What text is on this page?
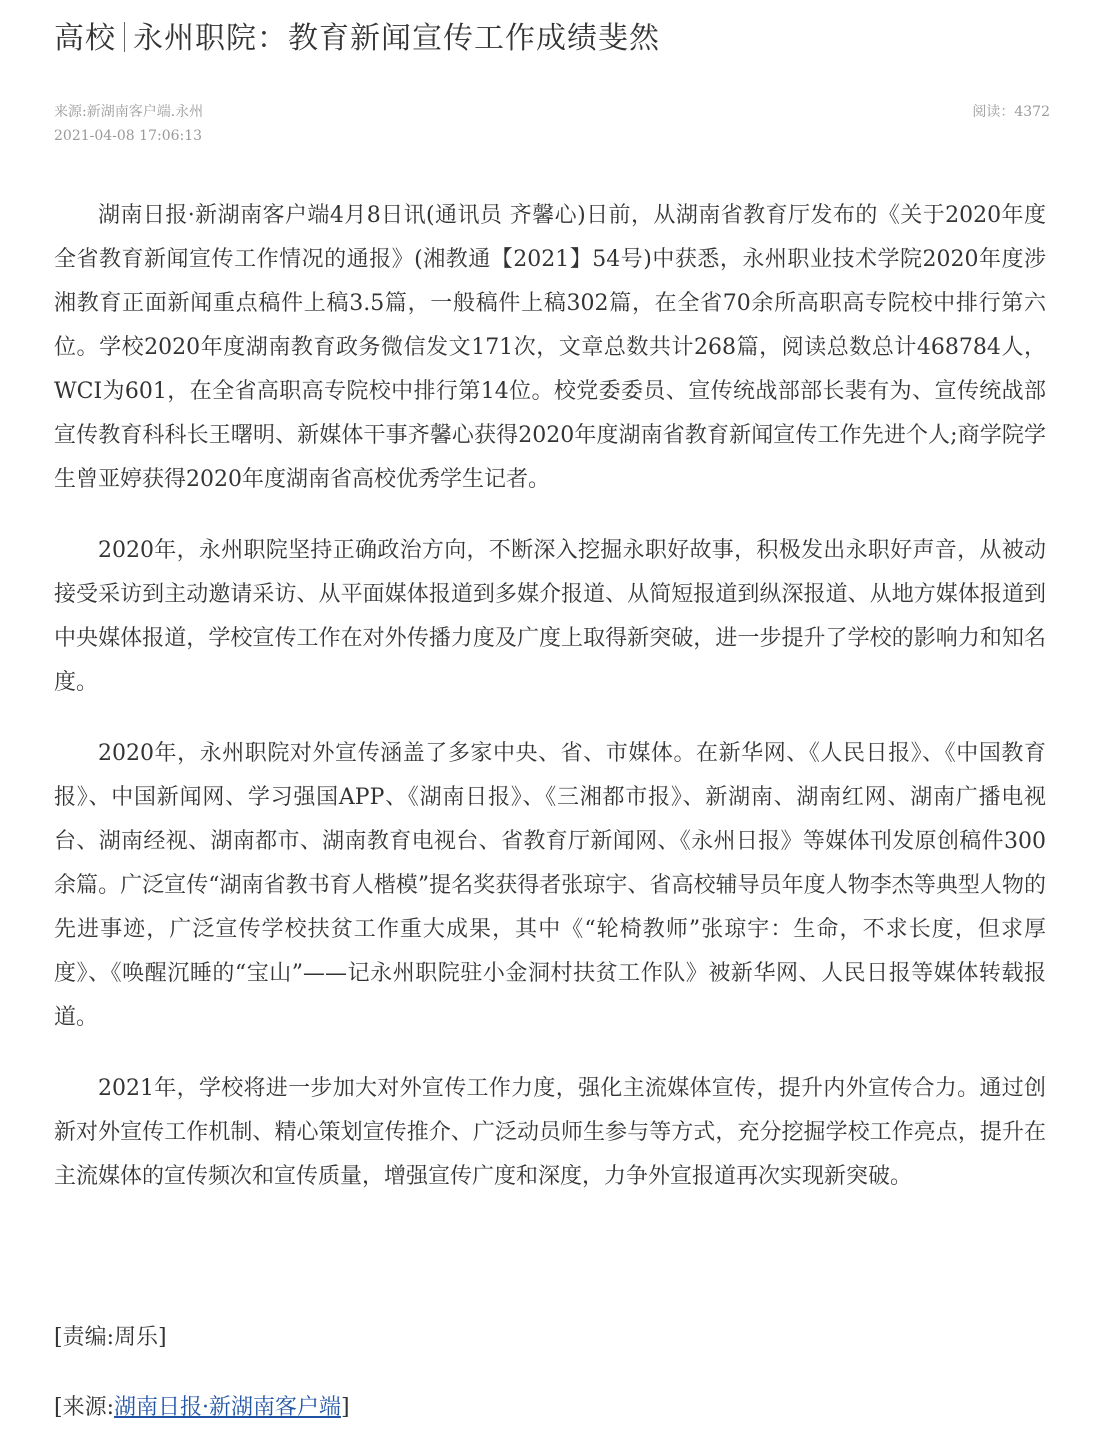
高校 永州职院：教育新闻宣传工作成绩斐然
来源:新湖南客户端.永州
2021-04-08 17:06:13
阅读：4372

湖南日报·新湖南客户端4月8日讯(通讯员 齐馨心)日前，从湖南省教育厅发布的《关于2020年度全省教育新闻宣传工作情况的通报》(湘教通【2021】54号)中获悉，永州职业技术学院2020年度涉湘教育正面新闻重点稿件上稿3.5篇，一般稿件上稿302篇，在全省70余所高职高专院校中排行第六位。学校2020年度湖南教育政务微信发文171次，文章总数共计268篇，阅读总数总计468784人，WCI为601，在全省高职高专院校中排行第14位。校党委委员、宣传统战部部长裴有为、宣传统战部宣传教育科科长王曙明、新媒体干事齐馨心获得2020年度湖南省教育新闻宣传工作先进个人;商学院学生曾亚婷获得2020年度湖南省高校优秀学生记者。

2020年，永州职院坚持正确政治方向，不断深入挖掘永职好故事，积极发出永职好声音，从被动接受采访到主动邀请采访、从平面媒体报道到多媒介报道、从简短报道到纵深报道、从地方媒体报道到中央媒体报道，学校宣传工作在对外传播力度及广度上取得新突破，进一步提升了学校的影响力和知名度。

2020年，永州职院对外宣传涵盖了多家中央、省、市媒体。在新华网、《人民日报》、《中国教育报》、中国新闻网、学习强国APP、《湖南日报》、《三湘都市报》、新湖南、湖南红网、湖南广播电视台、湖南经视、湖南都市、湖南教育电视台、省教育厅新闻网、《永州日报》等媒体刊发原创稿件300余篇。广泛宣传“湖南省教书育人楷模”提名奖获得者张琼宇、省高校辅导员年度人物李杰等典型人物的先进事迹，广泛宣传学校扶贫工作重大成果，其中《“轮椅教师”张琼宇：生命，不求长度，但求厚度》、《唤醒沉睡的“宝山”——记永州职院驻小金洞村扶贫工作队》被新华网、人民日报等媒体转载报道。

2021年，学校将进一步加大对外宣传工作力度，强化主流媒体宣传，提升内外宣传合力。通过创新对外宣传工作机制、精心策划宣传推介、广泛动员师生参与等方式，充分挖掘学校工作亮点，提升在主流媒体的宣传频次和宣传质量，增强宣传广度和深度，力争外宣报道再次实现新突破。

[责编:周乐]
[来源:湖南日报·新湖南客户端]
